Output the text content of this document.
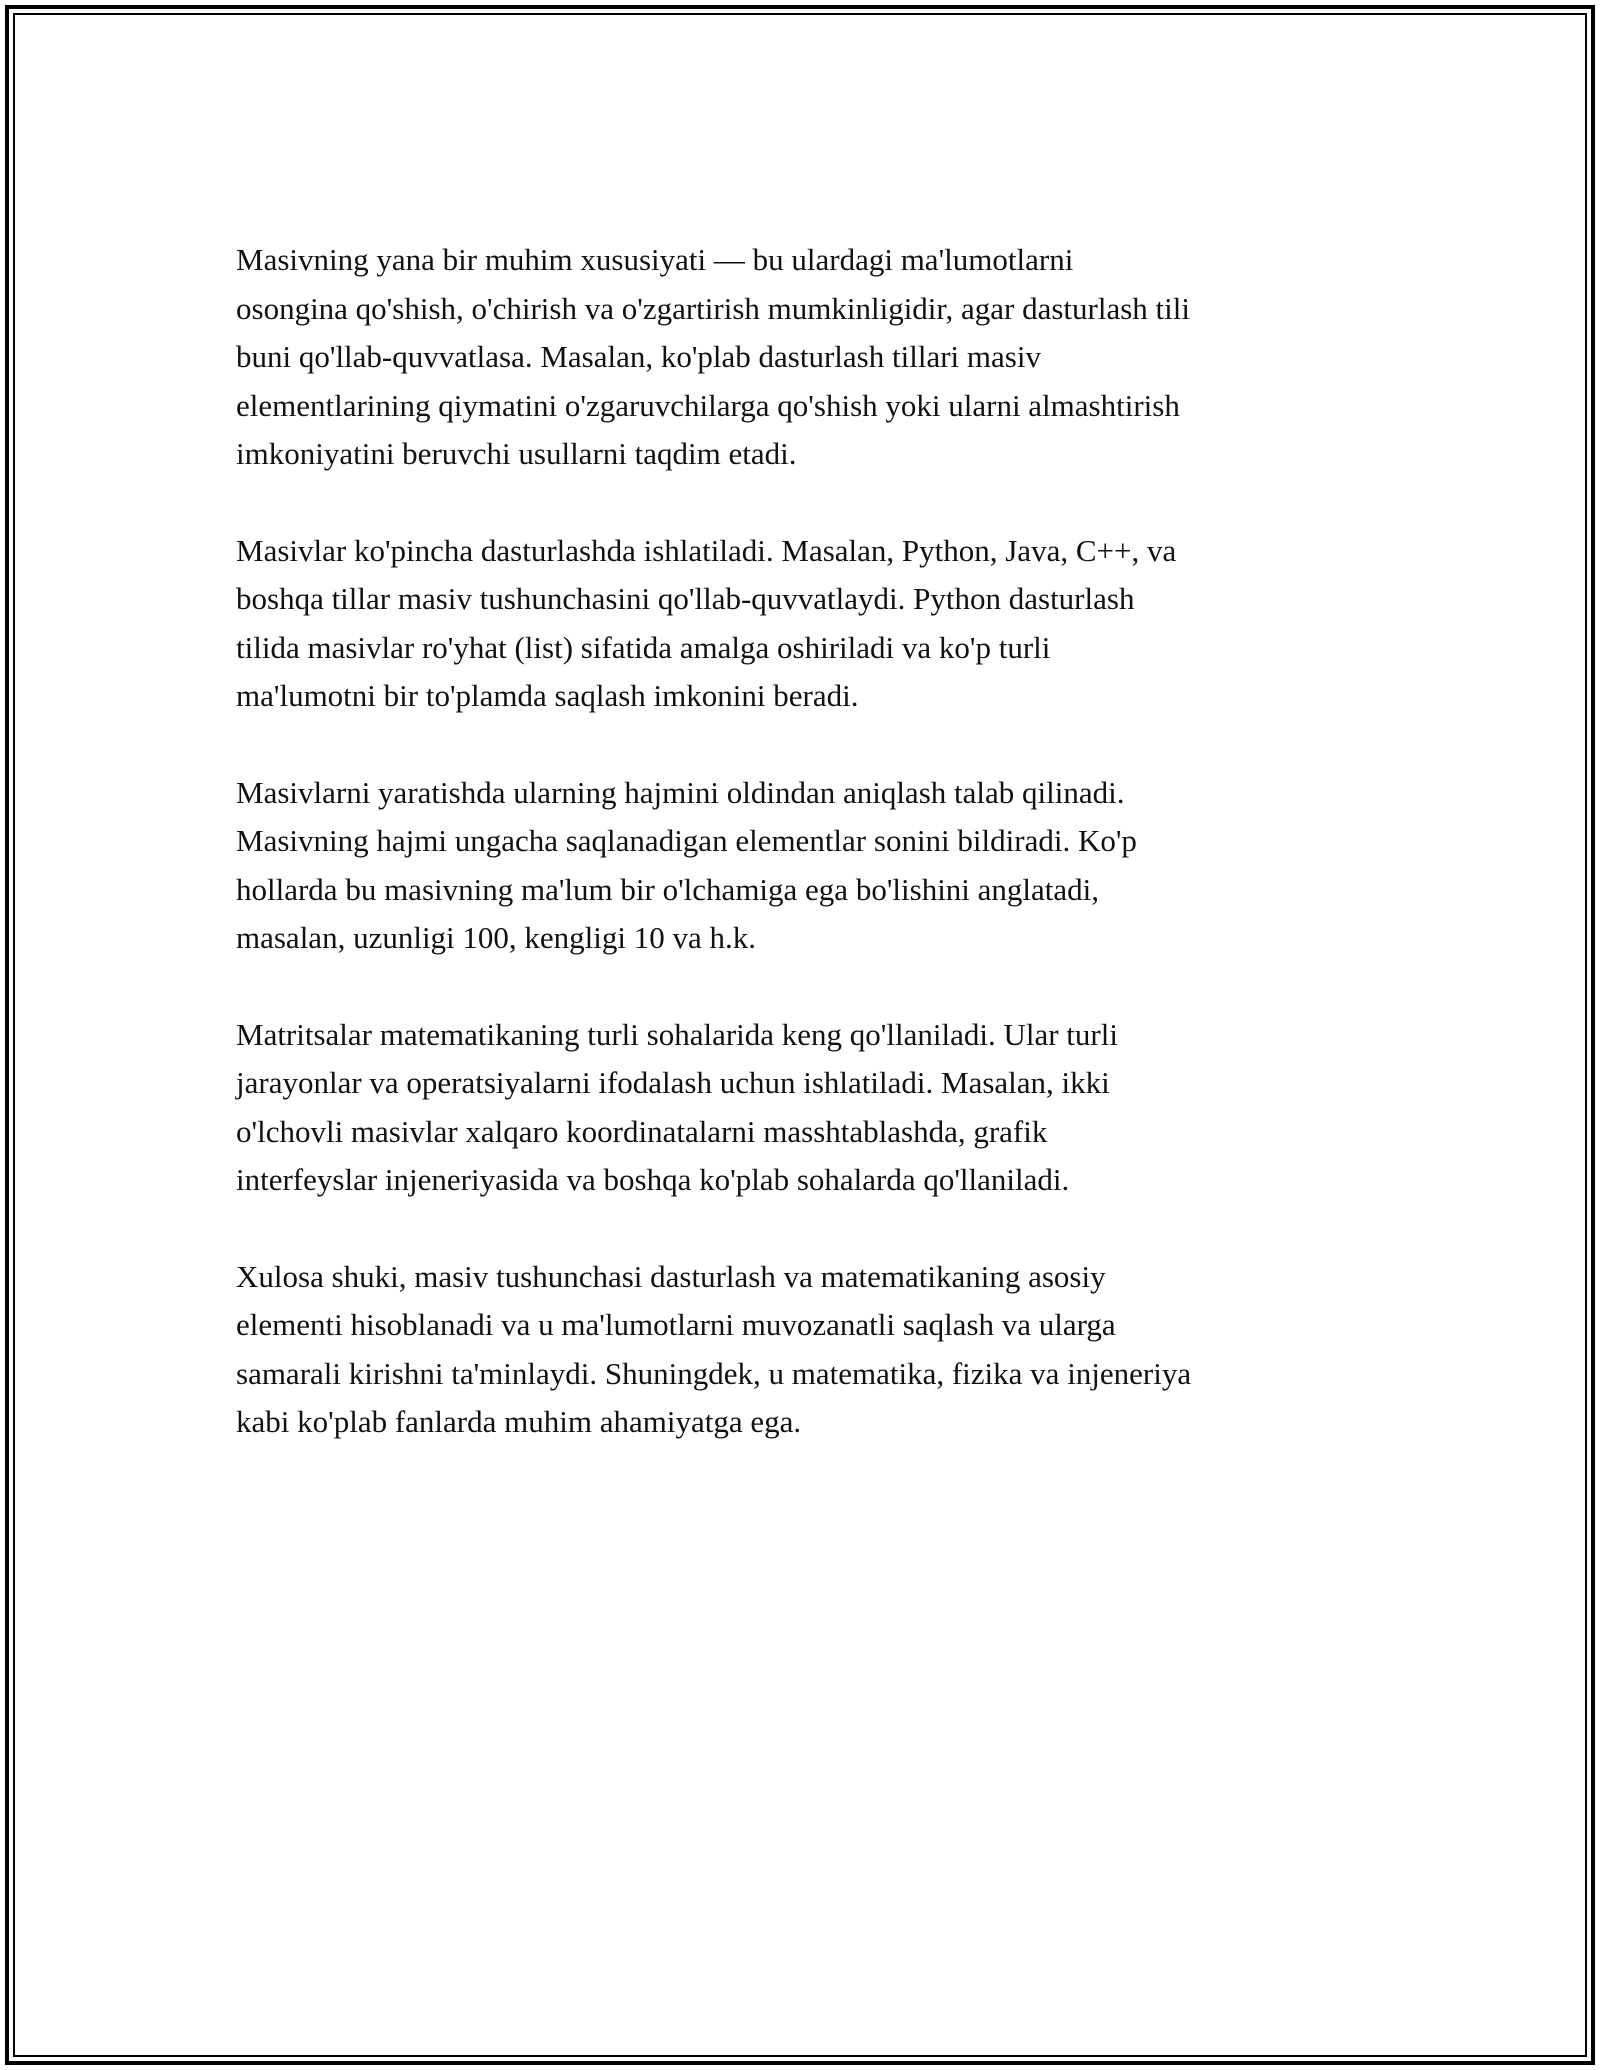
Masivning yana bir muhim xususiyati — bu ulardagi ma'lumotlarni
osongina qo'shish, o'chirish va o'zgartirish mumkinligidir, agar dasturlash tili
buni qo'llab-quvvatlasa. Masalan, ko'plab dasturlash tillari masiv
elementlarining qiymatini o'zgaruvchilarga qo'shish yoki ularni almashtirish
imkoniyatini beruvchi usullarni taqdim etadi.

Masivlar ko'pincha dasturlashda ishlatiladi. Masalan, Python, Java, C++, va
boshqa tillar masiv tushunchasini qo'llab-quvvatlaydi. Python dasturlash
tilida masivlar ro'yhat (list) sifatida amalga oshiriladi va ko'p turli
ma'lumotni bir to'plamda saqlash imkonini beradi.

Masivlarni yaratishda ularning hajmini oldindan aniqlash talab qilinadi.
Masivning hajmi ungacha saqlanadigan elementlar sonini bildiradi. Ko'p
hollarda bu masivning ma'lum bir o'lchamiga ega bo'lishini anglatadi,
masalan, uzunligi 100, kengligi 10 va h.k.

Matritsalar matematikaning turli sohalarida keng qo'llaniladi. Ular turli
jarayonlar va operatsiyalarni ifodalash uchun ishlatiladi. Masalan, ikki
o'lchovli masivlar xalqaro koordinatalarni masshtablashda, grafik
interfeyslar injeneriyasida va boshqa ko'plab sohalarda qo'llaniladi.

Xulosa shuki, masiv tushunchasi dasturlash va matematikaning asosiy
elementi hisoblanadi va u ma'lumotlarni muvozanatli saqlash va ularga
samarali kirishni ta'minlaydi. Shuningdek, u matematika, fizika va injeneriya
kabi ko'plab fanlarda muhim ahamiyatga ega.
